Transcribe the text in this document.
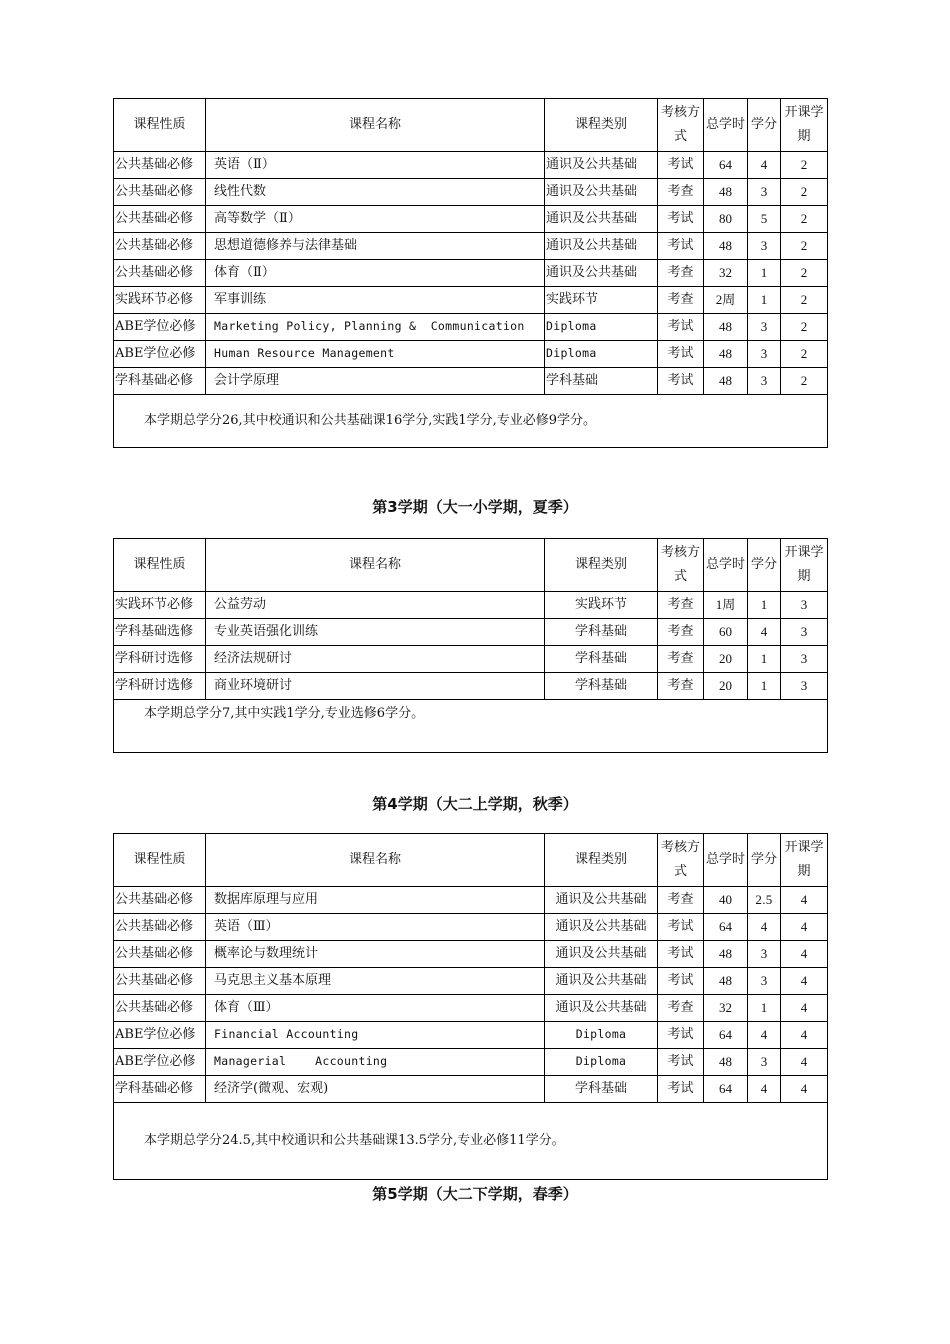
课程性质	课程名称	课程类别	考核方式	总学时	学分	开课学期
公共基础必修	英语（Ⅱ）	通识及公共基础	考试	64	4	2
公共基础必修	线性代数	通识及公共基础	考查	48	3	2
公共基础必修	高等数学（Ⅱ）	通识及公共基础	考试	80	5	2
公共基础必修	思想道德修养与法律基础	通识及公共基础	考试	48	3	2
公共基础必修	体育（Ⅱ）	通识及公共基础	考查	32	1	2
实践环节必修	军事训练	实践环节	考查	2周	1	2
ABE学位必修	Marketing Policy, Planning &  Communication	Diploma	考试	48	3	2
ABE学位必修	Human Resource Management	Diploma	考试	48	3	2
学科基础必修	会计学原理	学科基础	考试	48	3	2
本学期总学分26,其中校通识和公共基础课16学分,实践1学分,专业必修9学分。						
第3学期（大一小学期，夏季）
课程性质	课程名称	课程类别	考核方式	总学时	学分	开课学期
实践环节必修	公益劳动	实践环节	考查	1周	1	3
学科基础选修	专业英语强化训练	学科基础	考查	60	4	3
学科研讨选修	经济法规研讨	学科基础	考查	20	1	3
学科研讨选修	商业环境研讨	学科基础	考查	20	1	3
本学期总学分7,其中实践1学分,专业选修6学分。						
第4学期（大二上学期，秋季）
课程性质	课程名称	课程类别	考核方式	总学时	学分	开课学期
公共基础必修	数据库原理与应用	通识及公共基础	考查	40	2.5	4
公共基础必修	英语（Ⅲ）	通识及公共基础	考试	64	4	4
公共基础必修	概率论与数理统计	通识及公共基础	考试	48	3	4
公共基础必修	马克思主义基本原理	通识及公共基础	考试	48	3	4
公共基础必修	体育（Ⅲ）	通识及公共基础	考查	32	1	4
ABE学位必修	Financial Accounting	Diploma	考试	64	4	4
ABE学位必修	Managerial    Accounting	Diploma	考试	48	3	4
学科基础必修	经济学(微观、宏观)	学科基础	考试	64	4	4
本学期总学分24.5,其中校通识和公共基础课13.5学分,专业必修11学分。						
第5学期（大二下学期，春季）
